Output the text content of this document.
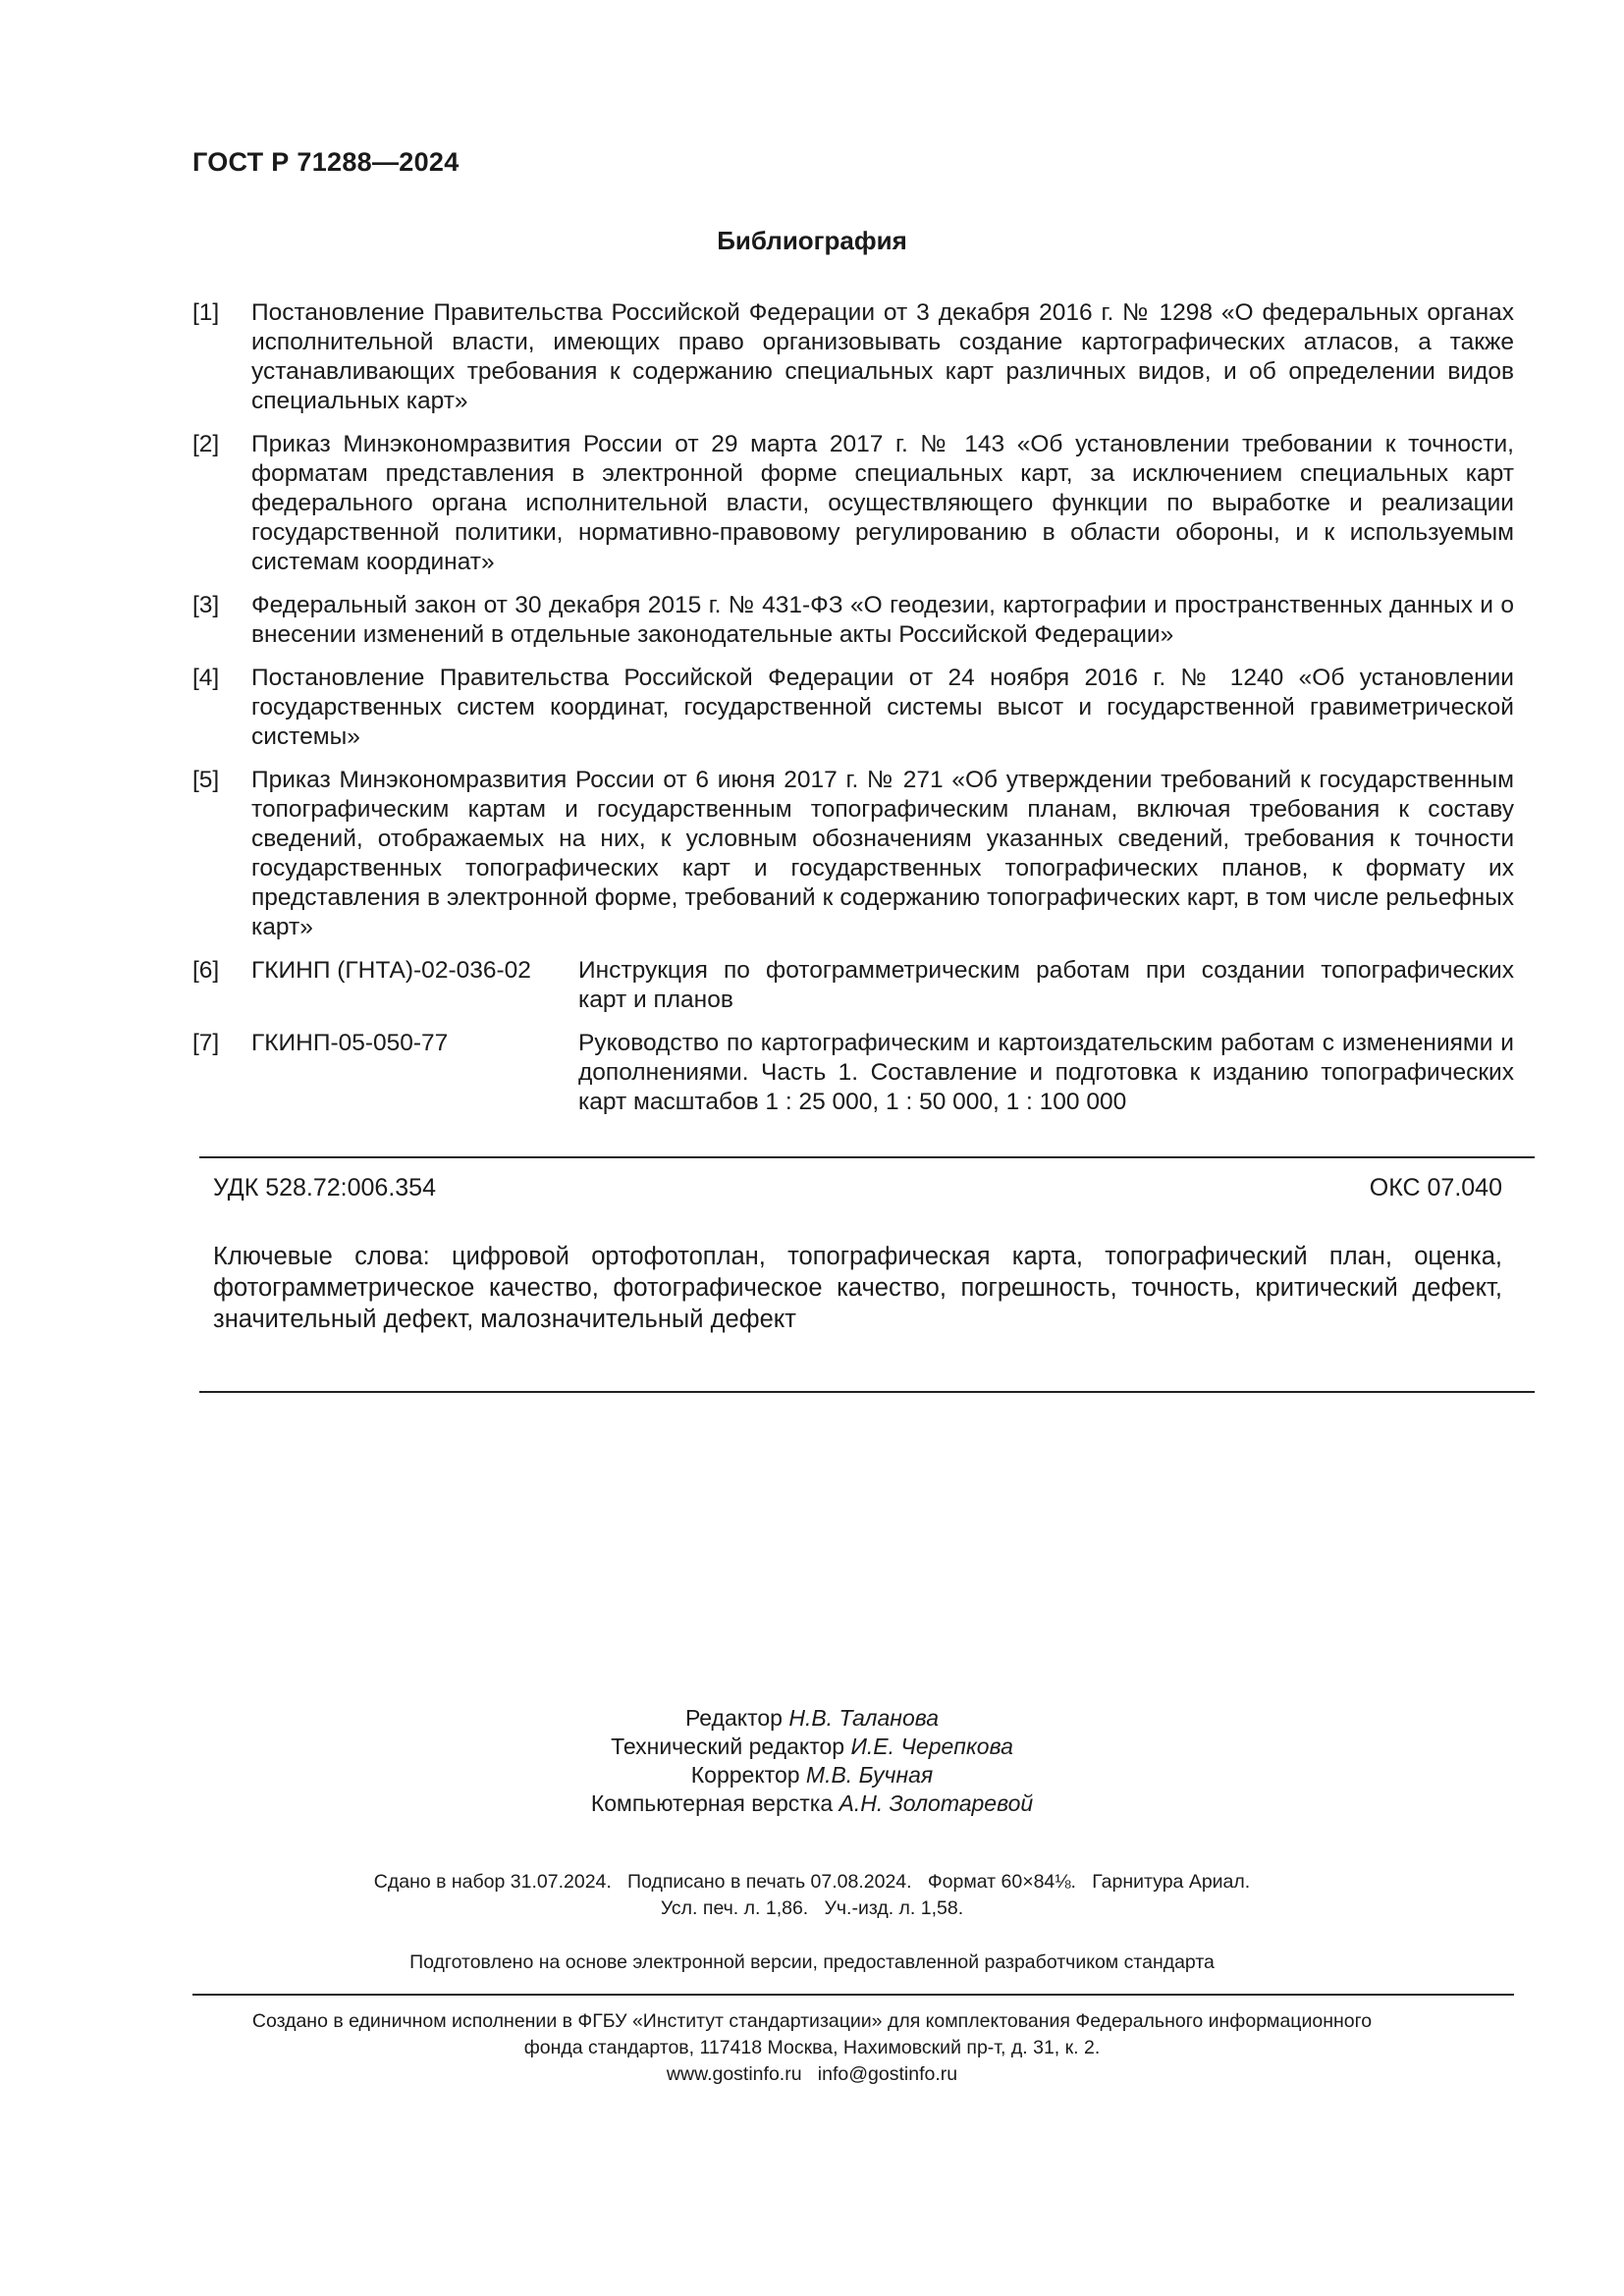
ГОСТ Р 71288—2024
Библиография
[1]	Постановление Правительства Российской Федерации от 3 декабря 2016 г. № 1298 «О федеральных органах исполнительной власти, имеющих право организовывать создание картографических атласов, а также устанавливающих требования к содержанию специальных карт различных видов, и об определении видов специальных карт»
[2]	Приказ Минэкономразвития России от 29 марта 2017 г. № 143 «Об установлении требовании к точности, форматам представления в электронной форме специальных карт, за исключением специальных карт федерального органа исполнительной власти, осуществляющего функции по выработке и реализации государственной политики, нормативно-правовому регулированию в области обороны, и к используемым системам координат»
[3]	Федеральный закон от 30 декабря 2015 г. № 431-ФЗ «О геодезии, картографии и пространственных данных и о внесении изменений в отдельные законодательные акты Российской Федерации»
[4]	Постановление Правительства Российской Федерации от 24 ноября 2016 г. № 1240 «Об установлении государственных систем координат, государственной системы высот и государственной гравиметрической системы»
[5]	Приказ Минэкономразвития России от 6 июня 2017 г. № 271 «Об утверждении требований к государственным топографическим картам и государственным топографическим планам, включая требования к составу сведений, отображаемых на них, к условным обозначениям указанных сведений, требования к точности государственных топографических карт и государственных топографических планов, к формату их представления в электронной форме, требований к содержанию топографических карт, в том числе рельефных карт»
[6]	ГКИНП (ГНТА)-02-036-02	Инструкция по фотограмметрическим работам при создании топографических карт и планов
[7]	ГКИНП-05-050-77	Руководство по картографическим и картоиздательским работам с изменениями и дополнениями. Часть 1. Составление и подготовка к изданию топографических карт масштабов 1 : 25 000, 1 : 50 000, 1 : 100 000
УДК 528.72:006.354	ОКС 07.040
Ключевые слова: цифровой ортофотоплан, топографическая карта, топографический план, оценка, фотограмметрическое качество, фотографическое качество, погрешность, точность, критический дефект, значительный дефект, малозначительный дефект
Редактор Н.В. Таланова
Технический редактор И.Е. Черепкова
Корректор М.В. Бучная
Компьютерная верстка А.Н. Золотаревой
Сдано в набор 31.07.2024.   Подписано в печать 07.08.2024.   Формат 60×84⅛.   Гарнитура Ариал.
Усл. печ. л. 1,86.   Уч.-изд. л. 1,58.
Подготовлено на основе электронной версии, предоставленной разработчиком стандарта
Создано в единичном исполнении в ФГБУ «Институт стандартизации» для комплектования Федерального информационного
фонда стандартов, 117418 Москва, Нахимовский пр-т, д. 31, к. 2.
www.gostinfo.ru   info@gostinfo.ru
